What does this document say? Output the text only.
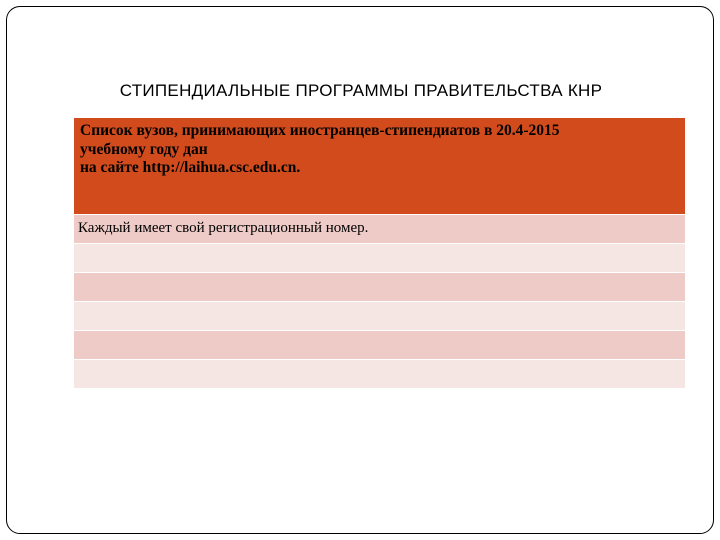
СТИПЕНДИАЛЬНЫЕ ПРОГРАММЫ ПРАВИТЕЛЬСТВА КНР
Список вузов, принимающих иностранцев-стипендиатов в 20.4-2015
учебному году дан
на сайте http://laihua.csc.edu.cn.
Каждый имеет свой регистрационный номер.
